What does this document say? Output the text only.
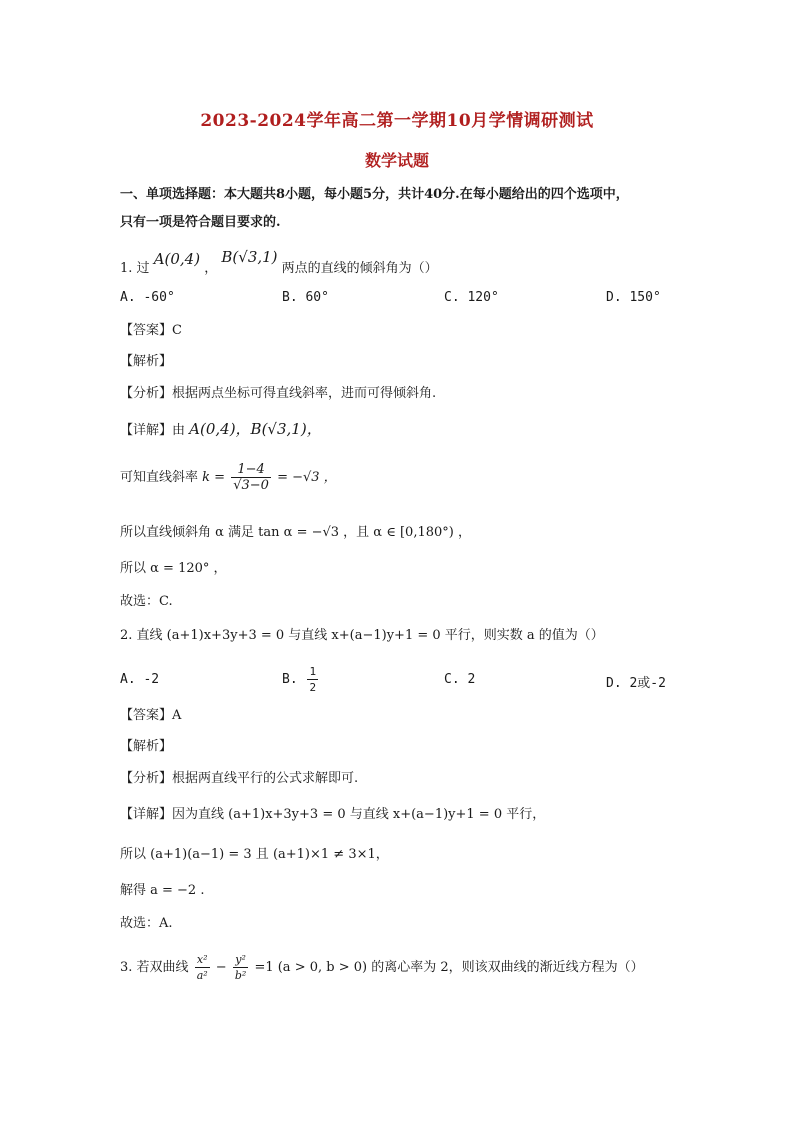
2023-2024学年高二第一学期10月学情调研测试
数学试题
一、单项选择题：本大题共8小题，每小题5分，共计40分.在每小题给出的四个选项中，
只有一项是符合题目要求的.
1. 过 A(0,4) ， B(√3,1) 两点的直线的倾斜角为（）
A. -60°	B. 60°	C. 120°	D. 150°
【答案】C
【解析】
【分析】根据两点坐标可得直线斜率，进而可得倾斜角.
【详解】由 A(0,4)，B(√3,1)，
可知直线斜率 $k = \frac{1-4}{√3-0} = -√3$ ，
所以直线倾斜角 α 满足 tan α = −√3 ，且 α ∈ [0,180°) ，
所以 α = 120° ，
故选：C.
2. 直线 (a+1)x+3y+3 = 0 与直线 x+(a−1)y+1 = 0 平行，则实数 a 的值为（）
A. -2	B. $\frac{1}{2}$	C. 2	D. 2或-2
【答案】A
【解析】
【分析】根据两直线平行的公式求解即可.
【详解】因为直线 (a+1)x+3y+3 = 0 与直线 x+(a−1)y+1 = 0 平行，
所以 (a+1)(a−1) = 3 且 (a+1)×1 ≠ 3×1，
解得 a = −2 .
故选：A.
3. 若双曲线 $\frac{\text{x²}}{\text{a²}} - \frac{\text{y²}}{\text{b²}} =1$ (a > 0, b > 0) 的离心率为 2，则该双曲线的渐近线方程为（）
